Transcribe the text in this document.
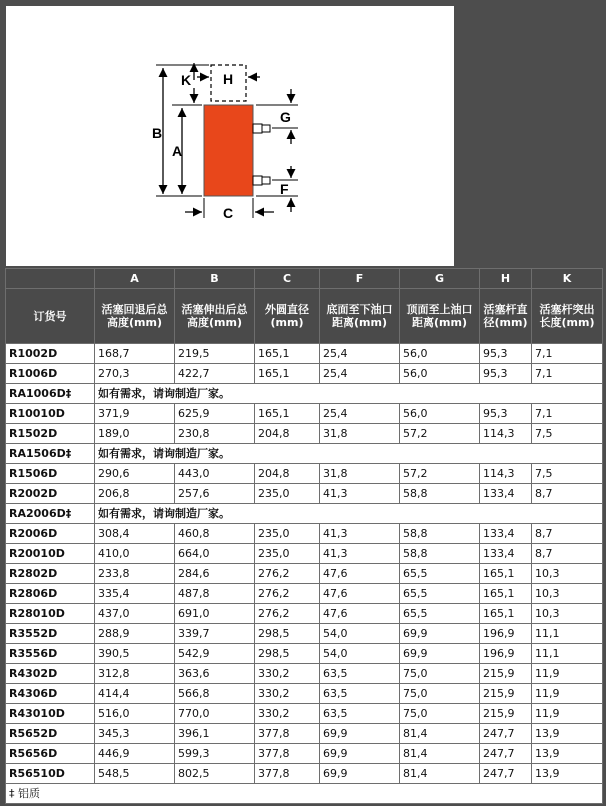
K H
B
A
G
F
C
	A	B	C	F	G	H	K
订货号	活塞回退后总高度(mm)	活塞伸出后总高度(mm)	外圆直径(mm)	底面至下油口距离(mm)	顶面至上油口距离(mm)	活塞杆直径(mm)	活塞杆突出长度(mm)
R1002D	168,7	219,5	165,1	25,4	56,0	95,3	7,1
R1006D	270,3	422,7	165,1	25,4	56,0	95,3	7,1
RA1006D‡	如有需求，请询制造厂家。						
R10010D	371,9	625,9	165,1	25,4	56,0	95,3	7,1
R1502D	189,0	230,8	204,8	31,8	57,2	114,3	7,5
RA1506D‡	如有需求，请询制造厂家。						
R1506D	290,6	443,0	204,8	31,8	57,2	114,3	7,5
R2002D	206,8	257,6	235,0	41,3	58,8	133,4	8,7
RA2006D‡	如有需求，请询制造厂家。						
R2006D	308,4	460,8	235,0	41,3	58,8	133,4	8,7
R20010D	410,0	664,0	235,0	41,3	58,8	133,4	8,7
R2802D	233,8	284,6	276,2	47,6	65,5	165,1	10,3
R2806D	335,4	487,8	276,2	47,6	65,5	165,1	10,3
R28010D	437,0	691,0	276,2	47,6	65,5	165,1	10,3
R3552D	288,9	339,7	298,5	54,0	69,9	196,9	11,1
R3556D	390,5	542,9	298,5	54,0	69,9	196,9	11,1
R4302D	312,8	363,6	330,2	63,5	75,0	215,9	11,9
R4306D	414,4	566,8	330,2	63,5	75,0	215,9	11,9
R43010D	516,0	770,0	330,2	63,5	75,0	215,9	11,9
R5652D	345,3	396,1	377,8	69,9	81,4	247,7	13,9
R5656D	446,9	599,3	377,8	69,9	81,4	247,7	13,9
R56510D	548,5	802,5	377,8	69,9	81,4	247,7	13,9
‡ 铝质							
